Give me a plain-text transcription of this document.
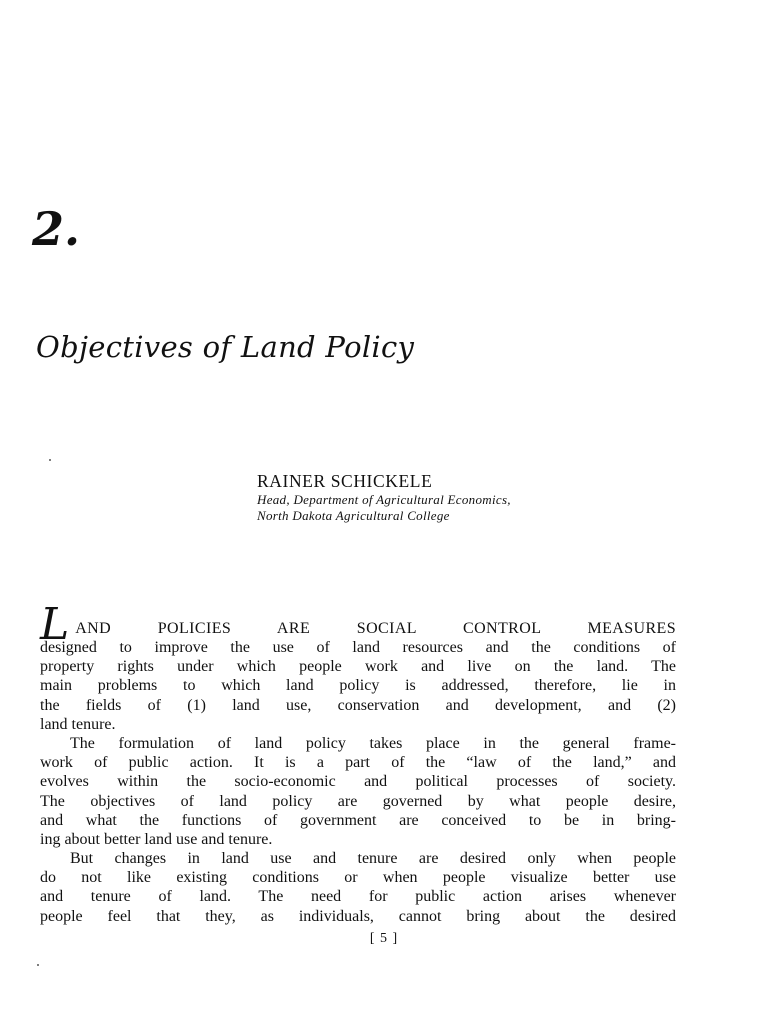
2.
Objectives of Land Policy
RAINER SCHICKELE
Head, Department of Agricultural Economics,
North Dakota Agricultural College
L AND POLICIES ARE SOCIAL CONTROL MEASURES
designed to improve the use of land resources and the conditions of
property rights under which people work and live on the land. The
main problems to which land policy is addressed, therefore, lie in
the fields of (1) land use, conservation and development, and (2)
land tenure.
The formulation of land policy takes place in the general frame-
work of public action. It is a part of the “law of the land,” and
evolves within the socio-economic and political processes of society.
The objectives of land policy are governed by what people desire,
and what the functions of government are conceived to be in bring-
ing about better land use and tenure.
But changes in land use and tenure are desired only when people
do not like existing conditions or when people visualize better use
and tenure of land. The need for public action arises whenever
people feel that they, as individuals, cannot bring about the desired
[ 5 ]
